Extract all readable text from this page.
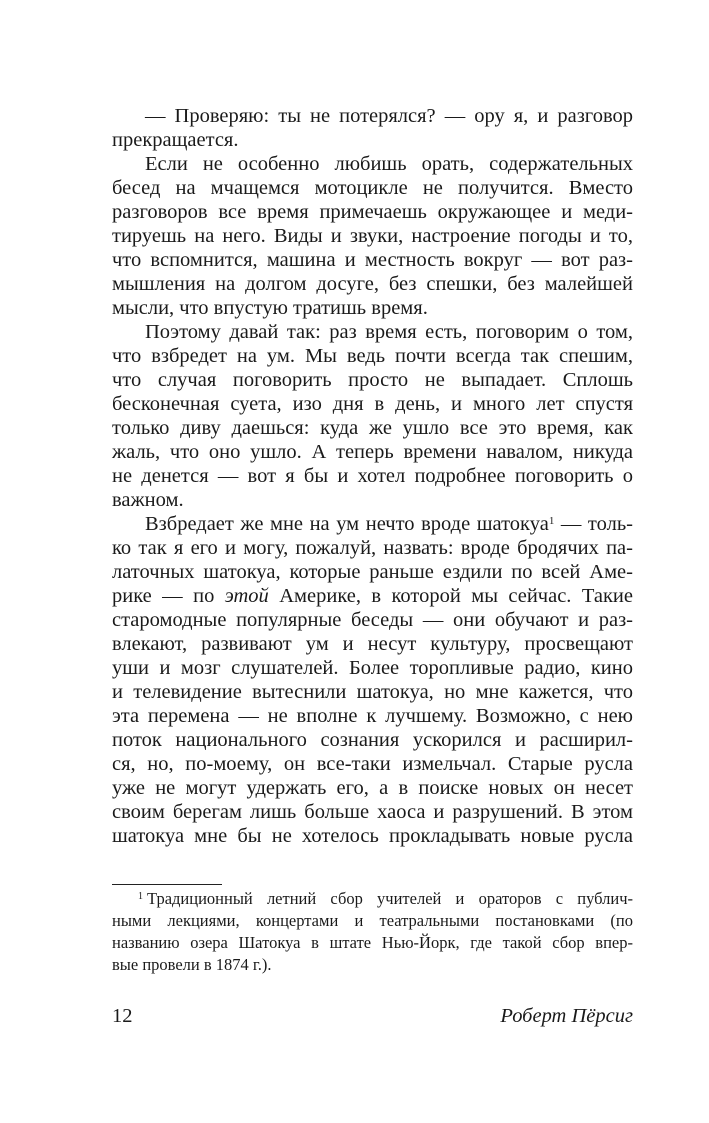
— Проверяю: ты не потерялся? — ору я, и разговор
прекращается.
Если не особенно любишь орать, содержательных
бесед на мчащемся мотоцикле не получится. Вместо
разговоров все время примечаешь окружающее и меди-
тируешь на него. Виды и звуки, настроение погоды и то,
что вспомнится, машина и местность вокруг — вот раз-
мышления на долгом досуге, без спешки, без малейшей
мысли, что впустую тратишь время.
Поэтому давай так: раз время есть, поговорим о том,
что взбредет на ум. Мы ведь почти всегда так спешим,
что случая поговорить просто не выпадает. Сплошь
бесконечная суета, изо дня в день, и много лет спустя
только диву даешься: куда же ушло все это время, как
жаль, что оно ушло. А теперь времени навалом, никуда
не денется — вот я бы и хотел подробнее поговорить о
важном.
Взбредает же мне на ум нечто вроде шатокуа$^1$ — толь-
ко так я его и могу, пожалуй, назвать: вроде бродячих па-
латочных шатокуа, которые раньше ездили по всей Аме-
рике — по этой Америке, в которой мы сейчас. Такие
старомодные популярные беседы — они обучают и раз-
влекают, развивают ум и несут культуру, просвещают
уши и мозг слушателей. Более торопливые радио, кино
и телевидение вытеснили шатокуа, но мне кажется, что
эта перемена — не вполне к лучшему. Возможно, с нею
поток национального сознания ускорился и расширил-
ся, но, по-моему, он все-таки измельчал. Старые русла
уже не могут удержать его, а в поиске новых он несет
своим берегам лишь больше хаоса и разрушений. В этом
шатокуа мне бы не хотелось прокладывать новые русла
$^1$ Традиционный летний сбор учителей и ораторов с публич-
ными лекциями, концертами и театральными постановками (по
названию озера Шатокуа в штате Нью-Йорк, где такой сбор впер-
вые провели в 1874 г.).
12	Роберт Пёрсиг
